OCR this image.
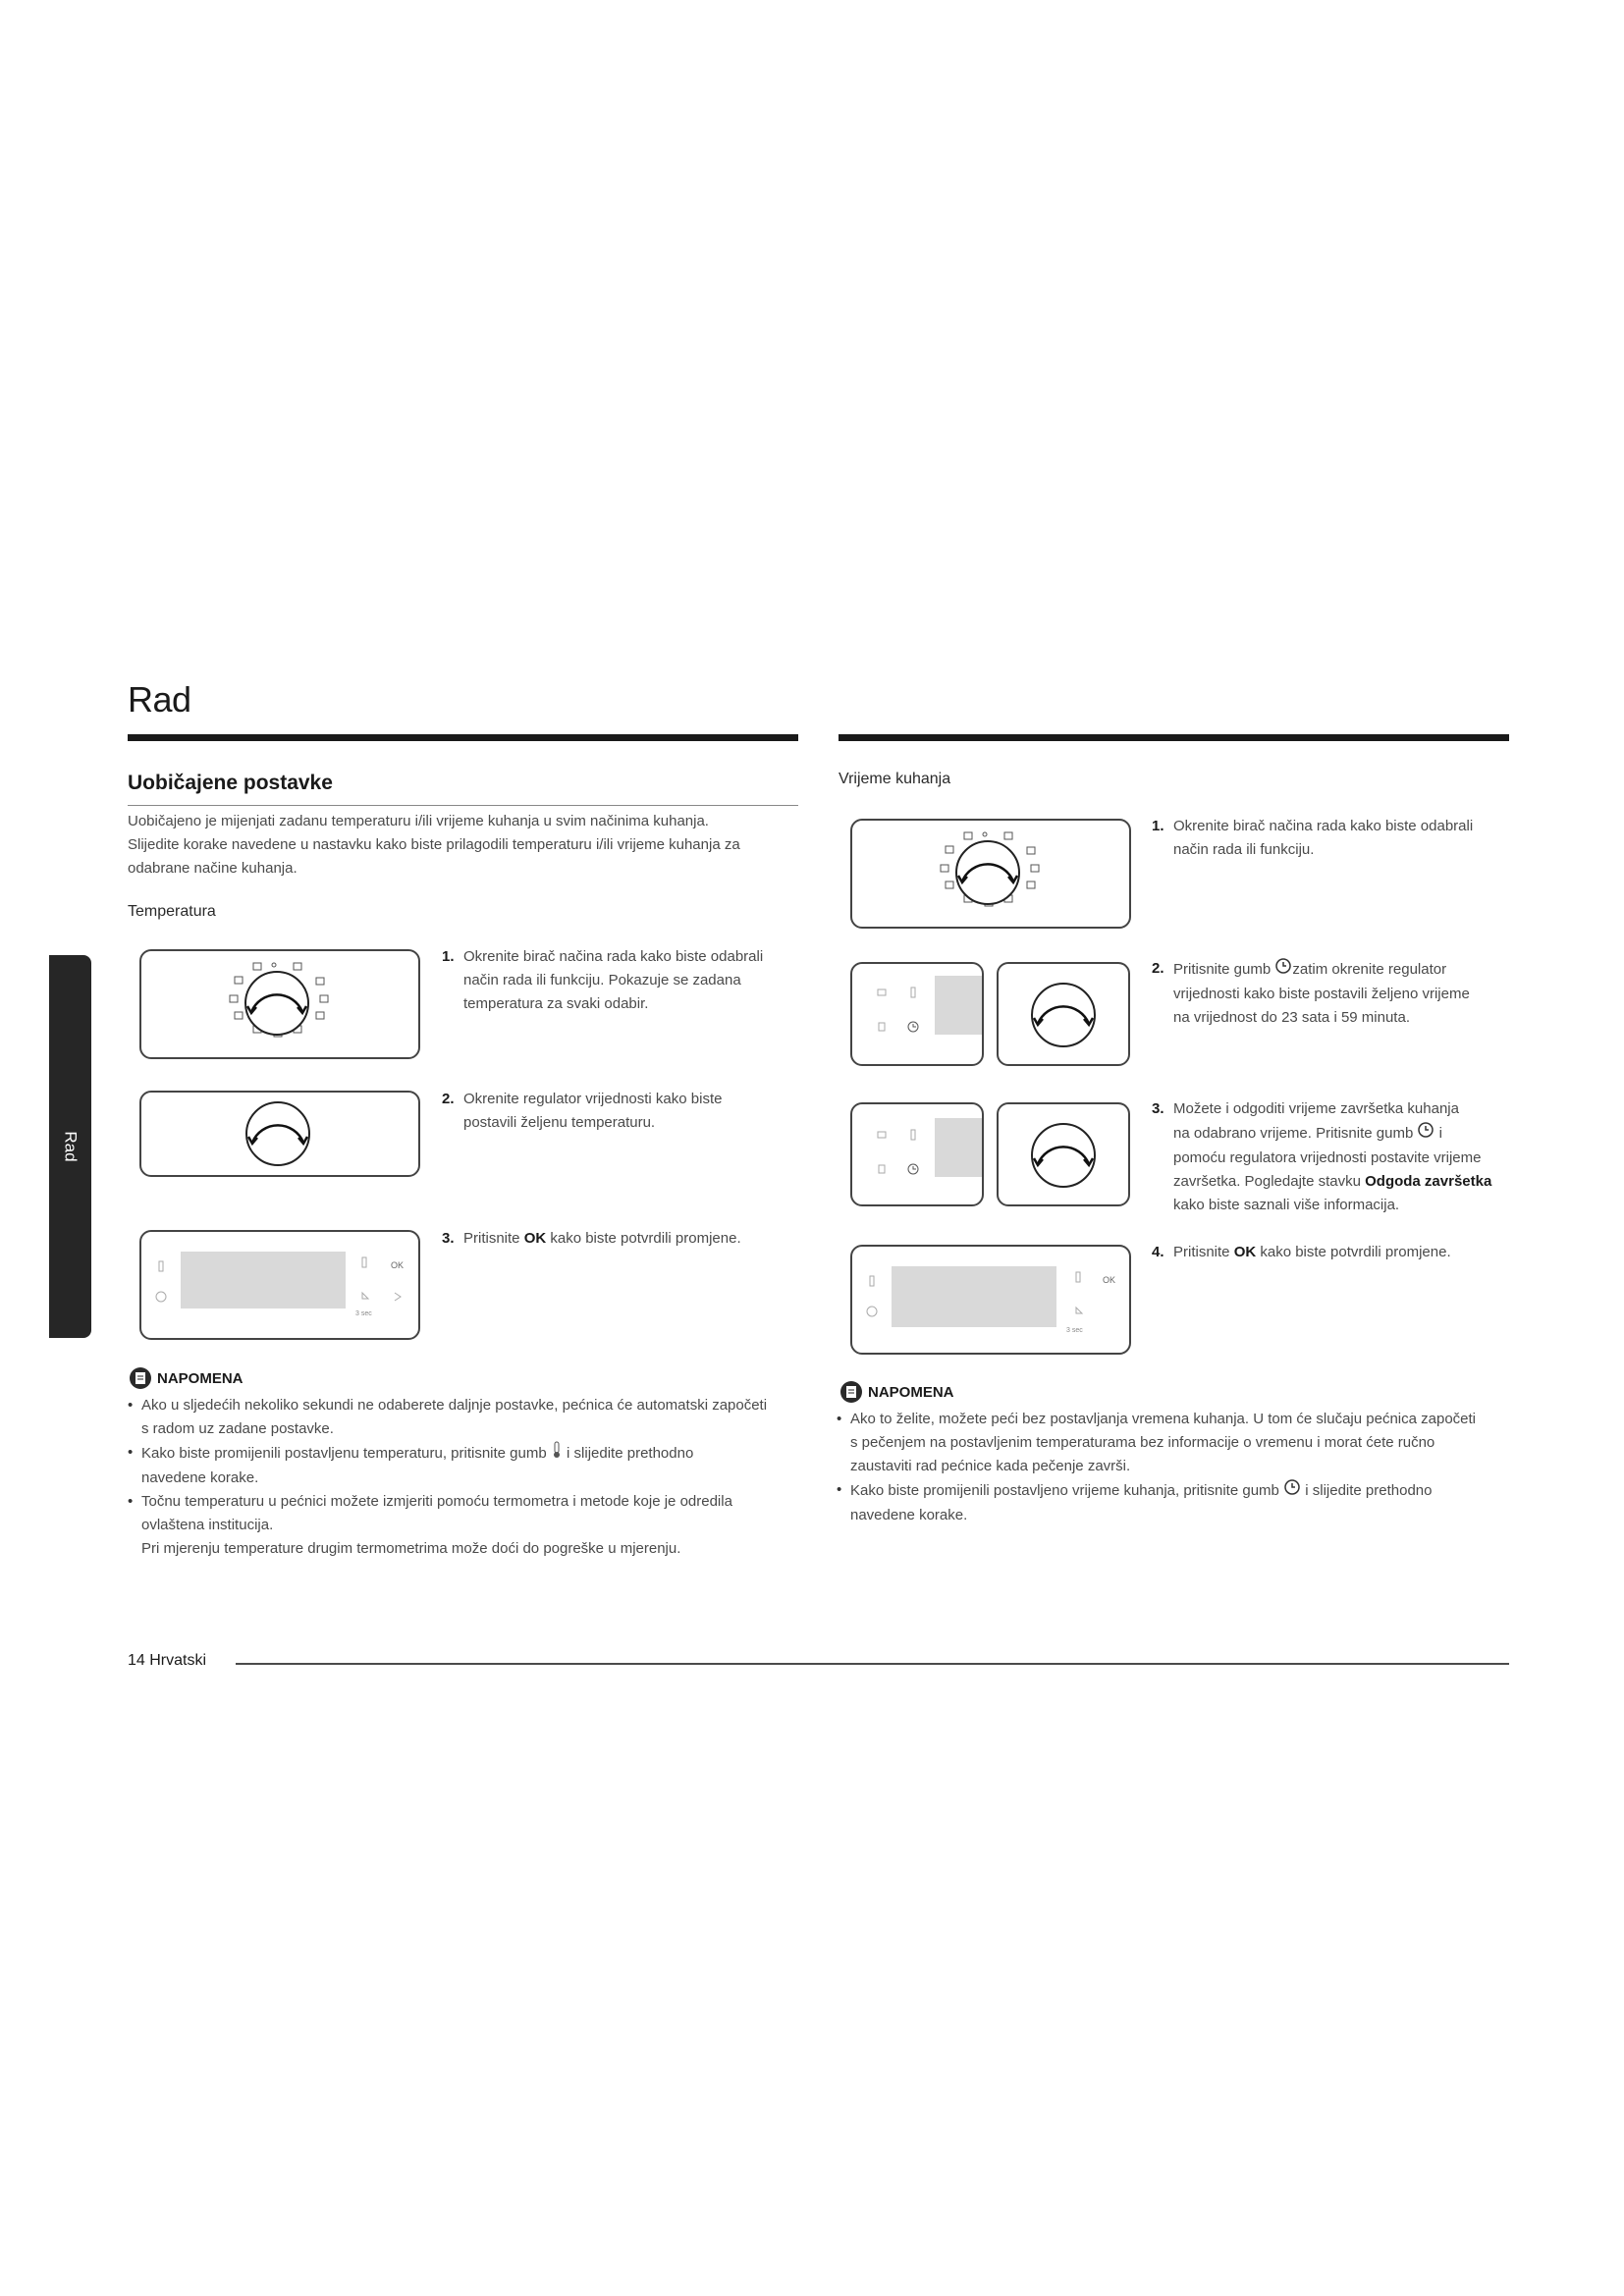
Rad
Rad
Uobičajene postavke
Uobičajeno je mijenjati zadanu temperaturu i/ili vrijeme kuhanja u svim načinima kuhanja.
Slijedite korake navedene u nastavku kako biste prilagodili temperaturu i/ili vrijeme kuhanja za
odabrane načine kuhanja.
Temperatura
OK
3 sec
1. Okrenite birač načina rada kako biste odabrali
način rada ili funkciju. Pokazuje se zadana
temperatura za svaki odabir.
2. Okrenite regulator vrijednosti kako biste
postavili željenu temperaturu.
3. Pritisnite OK kako biste potvrdili promjene.
NAPOMENA
• Ako u sljedećih nekoliko sekundi ne odaberete daljnje postavke, pećnica će automatski započeti
s radom uz zadane postavke.
• Kako biste promijenili postavljenu temperaturu, pritisnite gumb  i slijedite prethodno
navedene korake.
• Točnu temperaturu u pećnici možete izmjeriti pomoću termometra i metode koje je odredila
ovlaštena institucija.
Pri mjerenju temperature drugim termometrima može doći do pogreške u mjerenju.
Vrijeme kuhanja
OK
3 sec
1. Okrenite birač načina rada kako biste odabrali
način rada ili funkciju.
2. Pritisnite gumb zatim okrenite regulator
vrijednosti kako biste postavili željeno vrijeme
na vrijednost do 23 sata i 59 minuta.
3. Možete i odgoditi vrijeme završetka kuhanja
na odabrano vrijeme. Pritisnite gumb  i
pomoću regulatora vrijednosti postavite vrijeme
završetka. Pogledajte stavku Odgoda završetka
kako biste saznali više informacija.
4. Pritisnite OK kako biste potvrdili promjene.
NAPOMENA
• Ako to želite, možete peći bez postavljanja vremena kuhanja. U tom će slučaju pećnica započeti
s pečenjem na postavljenim temperaturama bez informacije o vremenu i morat ćete ručno
zaustaviti rad pećnice kada pečenje završi.
• Kako biste promijenili postavljeno vrijeme kuhanja, pritisnite gumb  i slijedite prethodno
navedene korake.
14 Hrvatski
